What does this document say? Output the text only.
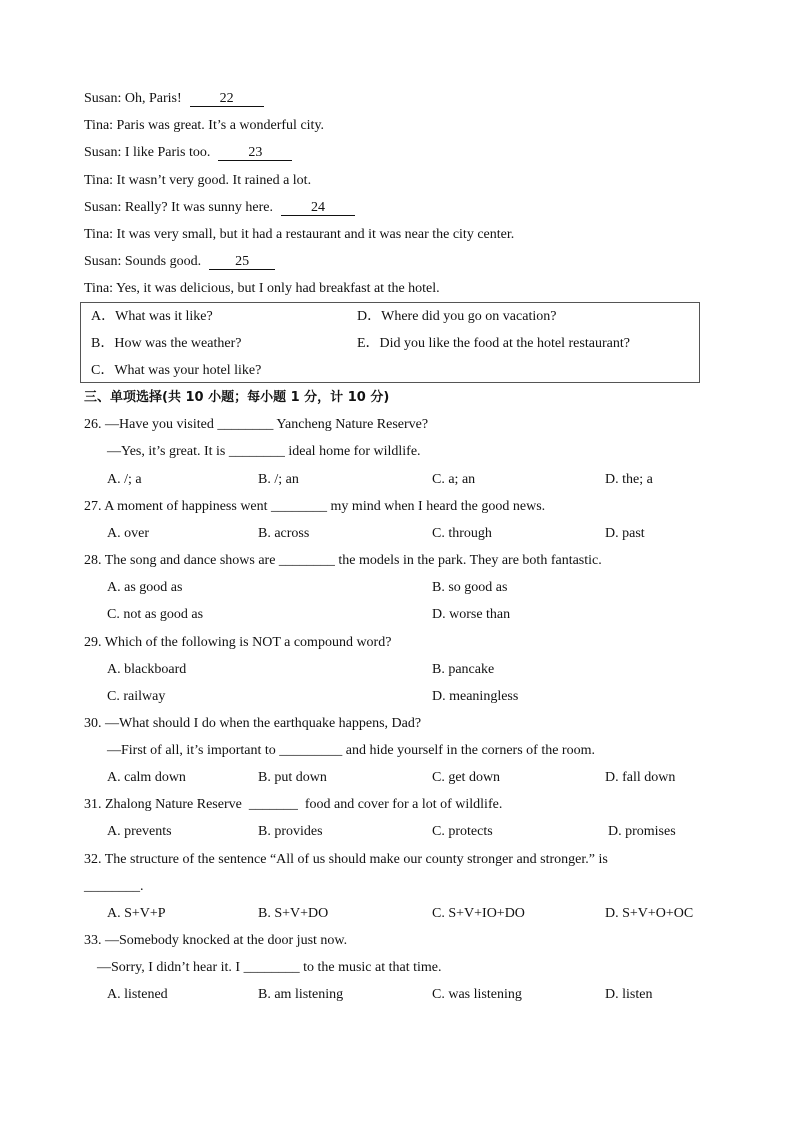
Susan: Oh, Paris!	22
Tina: Paris was great. It’s a wonderful city.
Susan: I like Paris too.	23
Tina: It wasn’t very good. It rained a lot.
Susan: Really? It was sunny here.	24
Tina: It was very small, but it had a restaurant and it was near the city center.
Susan: Sounds good. 25
Tina: Yes, it was delicious, but I only had breakfast at the hotel.
A．What was it like?
B．How was the weather?
C．What was your hotel like?
D．Where did you go on vacation?
E．Did you like the food at the hotel restaurant?
三、单项选择(共 10 小题；每小题 1 分，计 10 分)
26. —Have you visited ________ Yancheng Nature Reserve?
—Yes, it’s great. It is ________ ideal home for wildlife.
A. /; a	B. /; an	C. a; an	D. the; a
27. A moment of happiness went ________ my mind when I heard the good news.
A. over	B. across	C. through	D. past
28. The song and dance shows are ________ the models in the park. They are both fantastic.
A. as good as	B. so good as
C. not as good as	D. worse than
29. Which of the following is NOT a compound word?
A. blackboard	B. pancake
C. railway	D. meaningless
30. —What should I do when the earthquake happens, Dad?
—First of all, it’s important to _________ and hide yourself in the corners of the room.
A. calm down	B. put down	C. get down	D. fall down
31. Zhalong Nature Reserve  _______  food and cover for a lot of wildlife.
A. prevents	B. provides	C. protects	D. promises
32. The structure of the sentence “All of us should make our county stronger and stronger.” is
________.
A. S+V+P	B. S+V+DO	C. S+V+IO+DO	D. S+V+O+OC
33. —Somebody knocked at the door just now.
—Sorry, I didn’t hear it. I ________ to the music at that time.
A. listened	B. am listening	C. was listening	D. listen
